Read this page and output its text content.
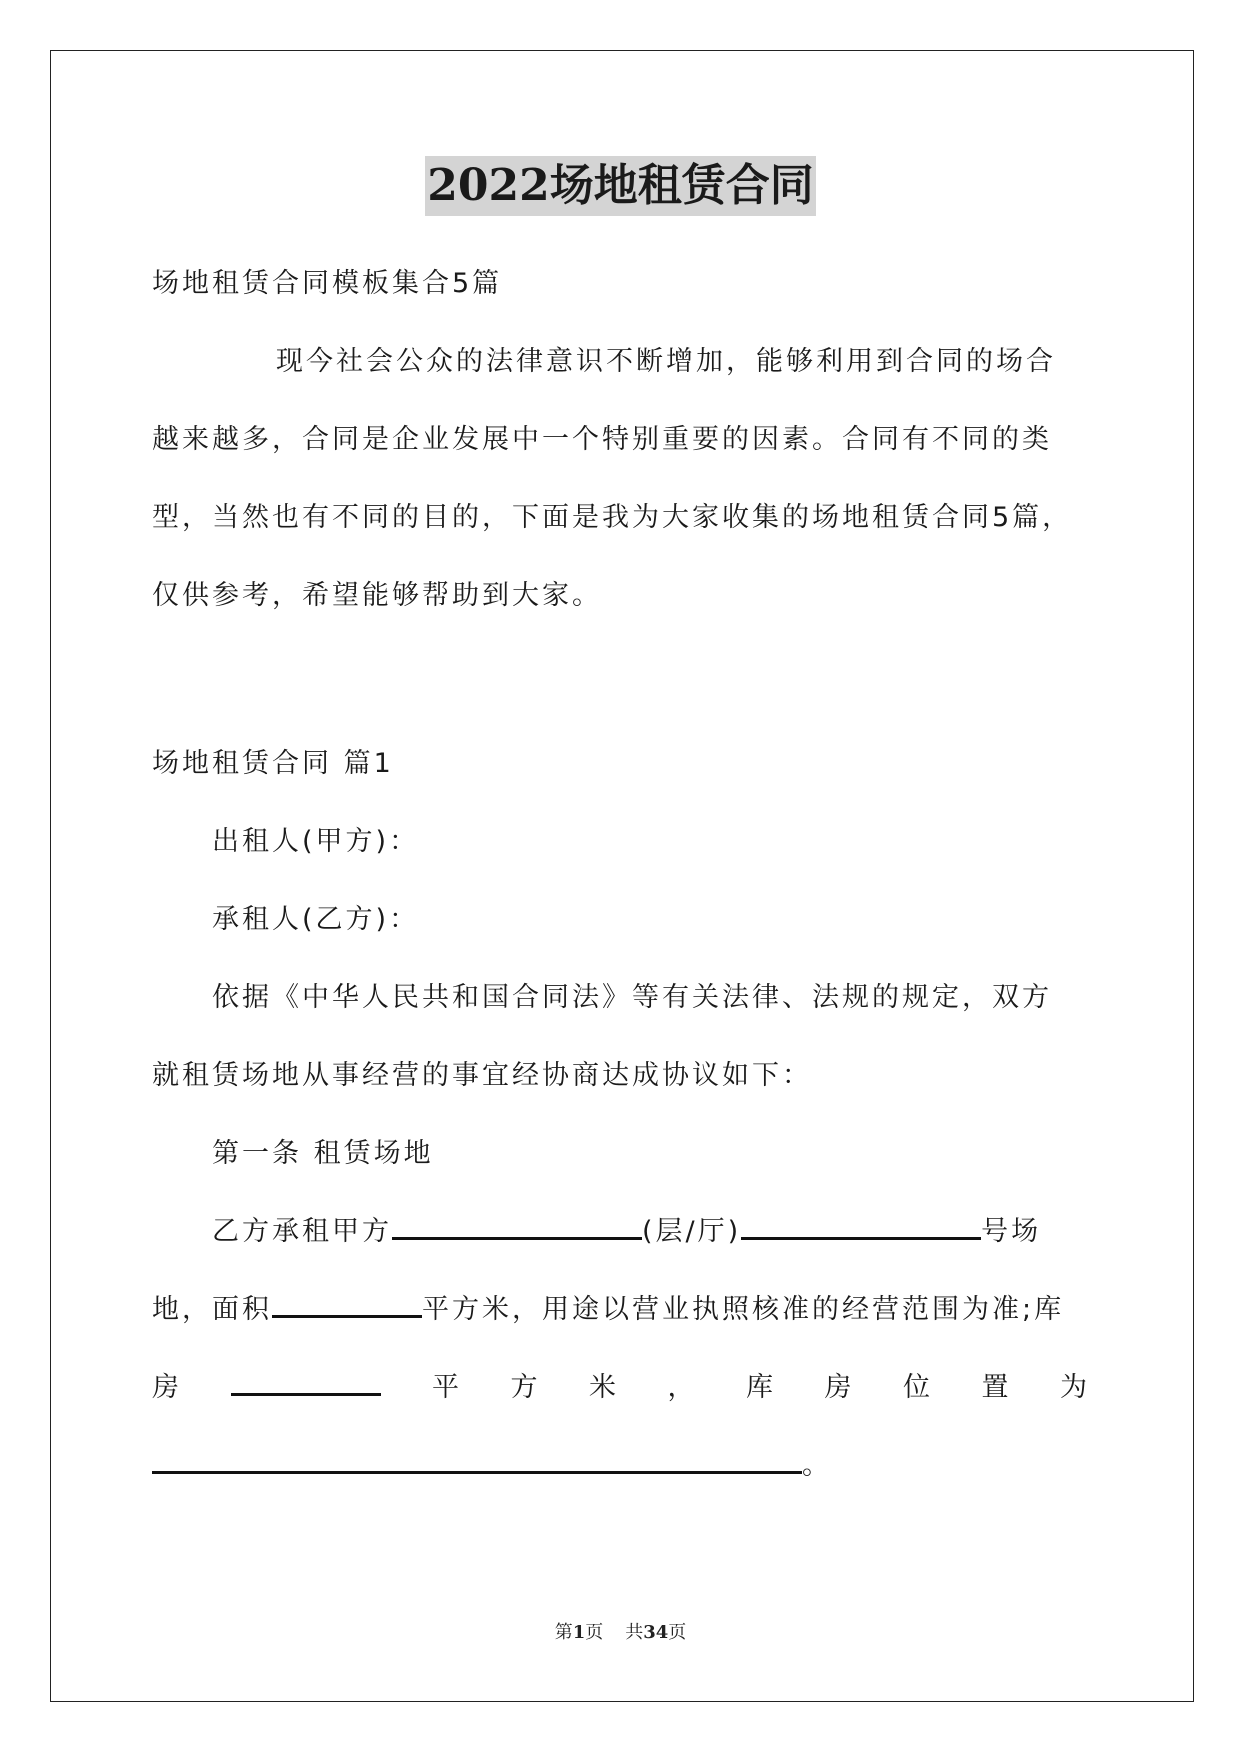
2022场地租赁合同
场地租赁合同模板集合5篇
现今社会公众的法律意识不断增加，能够利用到合同的场合
越来越多，合同是企业发展中一个特别重要的因素。合同有不同的类
型，当然也有不同的目的，下面是我为大家收集的场地租赁合同5篇，
仅供参考，希望能够帮助到大家。
场地租赁合同 篇1
出租人(甲方)：
承租人(乙方)：
依据《中华人民共和国合同法》等有关法律、法规的规定，双方
就租赁场地从事经营的事宜经协商达成协议如下：
第一条 租赁场地
乙方承租甲方	(层/厅)	号场
地，面积	平方米，用途以营业执照核准的经营范围为准;库
房	平 方 米 ， 库 房 位 置 为
。
第1页 共34页
